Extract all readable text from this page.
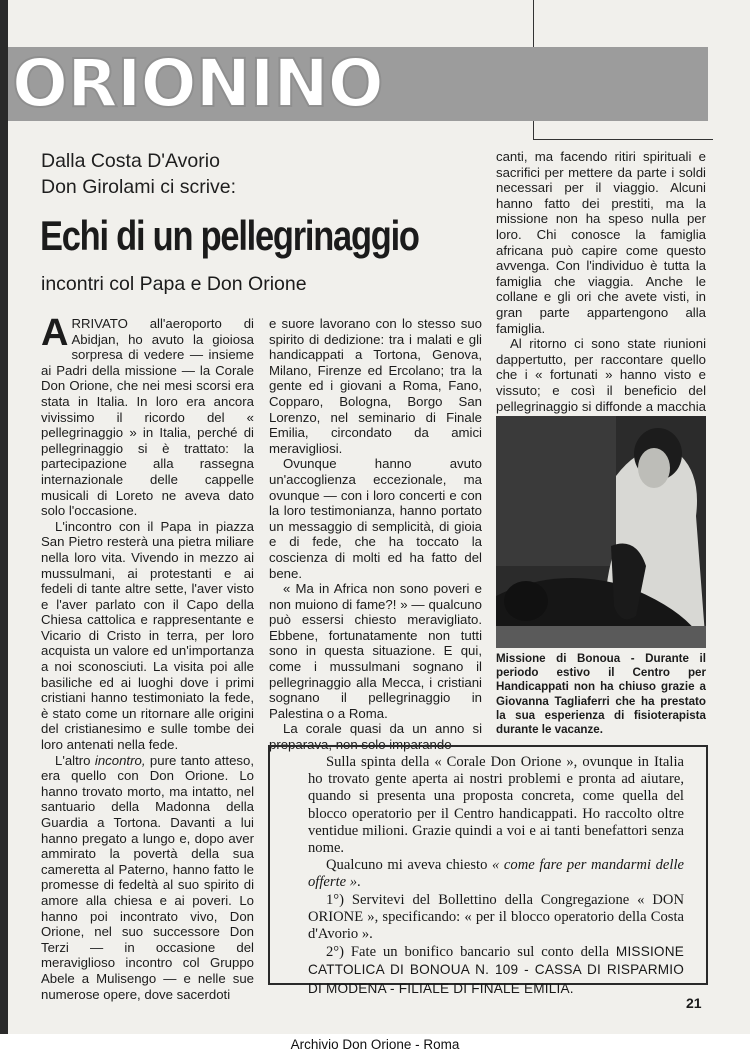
ORIONINO
Dalla Costa D'Avorio
Don Girolami ci scrive:
Echi di un pellegrinaggio
incontri col Papa e Don Orione

ARRIVATO all'aeroporto di Abidjan, ho avuto la gioiosa sorpresa di vedere — insieme ai Padri della missione — la Corale Don Orione, che nei mesi scorsi era stata in Italia. In loro era ancora vivissimo il ricordo del « pellegrinaggio » in Italia, perché di pellegrinaggio si è trattato: la partecipazione alla rassegna internazionale delle cappelle musicali di Loreto ne aveva dato solo l'occasione.

L'incontro con il Papa in piazza San Pietro resterà una pietra miliare nella loro vita. Vivendo in mezzo ai mussulmani, ai protestanti e ai fedeli di tante altre sette, l'aver visto e l'aver parlato con il Capo della Chiesa cattolica e rappresentante e Vicario di Cristo in terra, per loro acquista un valore ed un'importanza a noi sconosciuti. La visita poi alle basiliche ed ai luoghi dove i primi cristiani hanno testimoniato la fede, è stato come un ritornare alle origini del cristianesimo e sulle tombe dei loro antenati nella fede.

L'altro incontro, pure tanto atteso, era quello con Don Orione. Lo hanno trovato morto, ma intatto, nel santuario della Madonna della Guardia a Tortona. Davanti a lui hanno pregato a lungo e, dopo aver ammirato la povertà della sua cameretta al Paterno, hanno fatto le promesse di fedeltà al suo spirito di amore alla chiesa e ai poveri. Lo hanno poi incontrato vivo, Don Orione, nel suo successore Don Terzi — in occasione del meraviglioso incontro col Gruppo Abele a Mulisengo — e nelle sue numerose opere, dove sacerdoti

e suore lavorano con lo stesso suo spirito di dedizione: tra i malati e gli handicappati a Tortona, Genova, Milano, Firenze ed Ercolano; tra la gente ed i giovani a Roma, Fano, Copparo, Bologna, Borgo San Lorenzo, nel seminario di Finale Emilia, circondato da amici meravigliosi.

Ovunque hanno avuto un'accoglienza eccezionale, ma ovunque — con i loro concerti e con la loro testimonianza, hanno portato un messaggio di semplicità, di gioia e di fede, che ha toccato la coscienza di molti ed ha fatto del bene.

« Ma in Africa non sono poveri e non muiono di fame?! » — qualcuno può essersi chiesto meravigliato. Ebbene, fortunatamente non tutti sono in questa situazione. E qui, come i mussulmani sognano il pellegrinaggio alla Mecca, i cristiani sognano il pellegrinaggio in Palestina o a Roma.

La corale quasi da un anno si preparava, non solo imparando

canti, ma facendo ritiri spirituali e sacrifici per mettere da parte i soldi necessari per il viaggio. Alcuni hanno fatto dei prestiti, ma la missione non ha speso nulla per loro. Chi conosce la famiglia africana può capire come questo avvenga. Con l'individuo è tutta la famiglia che viaggia. Anche le collane e gli ori che avete visti, in gran parte appartengono alla famiglia.

Al ritorno ci sono state riunioni dappertutto, per raccontare quello che i « fortunati » hanno visto e vissuto; e così il beneficio del pellegrinaggio si diffonde a macchia

Missione di Bonoua - Durante il periodo estivo il Centro per Handicappati non ha chiuso grazie a Giovanna Tagliaferri che ha prestato la sua esperienza di fisioterapista durante le vacanze.

Sulla spinta della « Corale Don Orione », ovunque in Italia ho trovato gente aperta ai nostri problemi e pronta ad aiutare, quando si presenta una proposta concreta, come quella del blocco operatorio per il Centro handicappati. Ho raccolto oltre ventidue milioni. Grazie quindi a voi e ai tanti benefattori senza nome.

Qualcuno mi aveva chiesto « come fare per mandarmi delle offerte ».

1°) Servitevi del Bollettino della Congregazione « DON ORIONE », specificando: « per il blocco operatorio della Costa d'Avorio ».

2°) Fate un bonifico bancario sul conto della MISSIONE CATTOLICA DI BONOUA N. 109 - CASSA DI RISPARMIO DI MODENA - FILIALE DI FINALE EMILIA.

21
Archivio Don Orione - Roma
